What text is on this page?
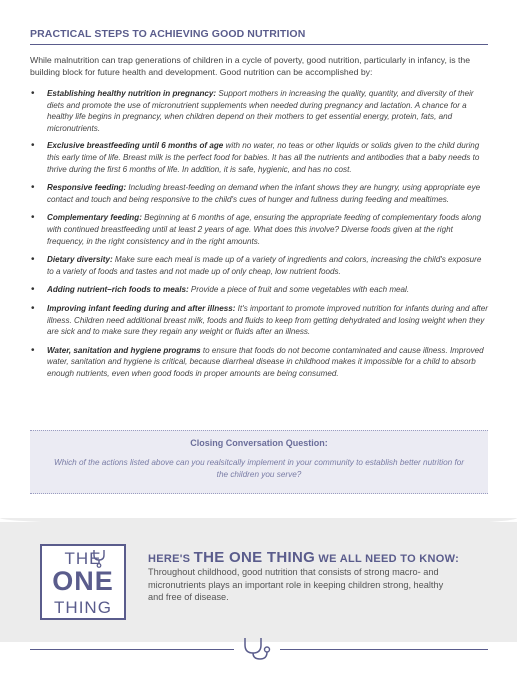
PRACTICAL STEPS TO ACHIEVING GOOD NUTRITION

While malnutrition can trap generations of children in a cycle of poverty, good nutrition, particularly in infancy, is the building block for future health and development. Good nutrition can be accomplished by:

• Establishing healthy nutrition in pregnancy: Support mothers in increasing the quality, quantity, and diversity of their diets and promote the use of micronutrient supplements when needed during pregnancy and lactation. A chance for a healthy life begins in pregnancy, when children depend on their mothers to get essential energy, protein, fats, and micronutrients.
• Exclusive breastfeeding until 6 months of age with no water, no teas or other liquids or solids given to the child during this early time of life. Breast milk is the perfect food for babies. It has all the nutrients and antibodies that a baby needs to thrive during the first 6 months of life. In addition, it is safe, hygienic, and has no cost.
• Responsive feeding: Including breast-feeding on demand when the infant shows they are hungry, using appropriate eye contact and touch and being responsive to the child's cues of hunger and fullness during feeding and mealtimes.
• Complementary feeding: Beginning at 6 months of age, ensuring the appropriate feeding of complementary foods along with continued breastfeeding until at least 2 years of age. What does this involve? Diverse foods given at the right frequency, in the right consistency and in the right amounts.
• Dietary diversity: Make sure each meal is made up of a variety of ingredients and colors, increasing the child's exposure to a variety of foods and tastes and not made up of only cheap, low nutrient foods.
• Adding nutrient–rich foods to meals: Provide a piece of fruit and some vegetables with each meal.
• Improving infant feeding during and after illness: It's important to promote improved nutrition for infants during and after illness. Children need additional breast milk, foods and fluids to keep from getting dehydrated and losing weight when they are sick and to make sure they regain any weight or fluids after an illness.
• Water, sanitation and hygiene programs to ensure that foods do not become contaminated and cause illness. Improved water, sanitation and hygiene is critical, because diarrheal disease in childhood makes it impossible for a child to absorb enough nutrients, even when good foods in proper amounts are being consumed.
Closing Conversation Question:
Which of the actions listed above can you realsitcally implement in your community to establish better nutrition for the children you serve?
THE
ONE
THING
HERE'S THE ONE THING WE ALL NEED TO KNOW:

Throughout childhood, good nutrition that consists of strong macro- and micronutrients plays an important role in keeping children strong, healthy and free of disease.
